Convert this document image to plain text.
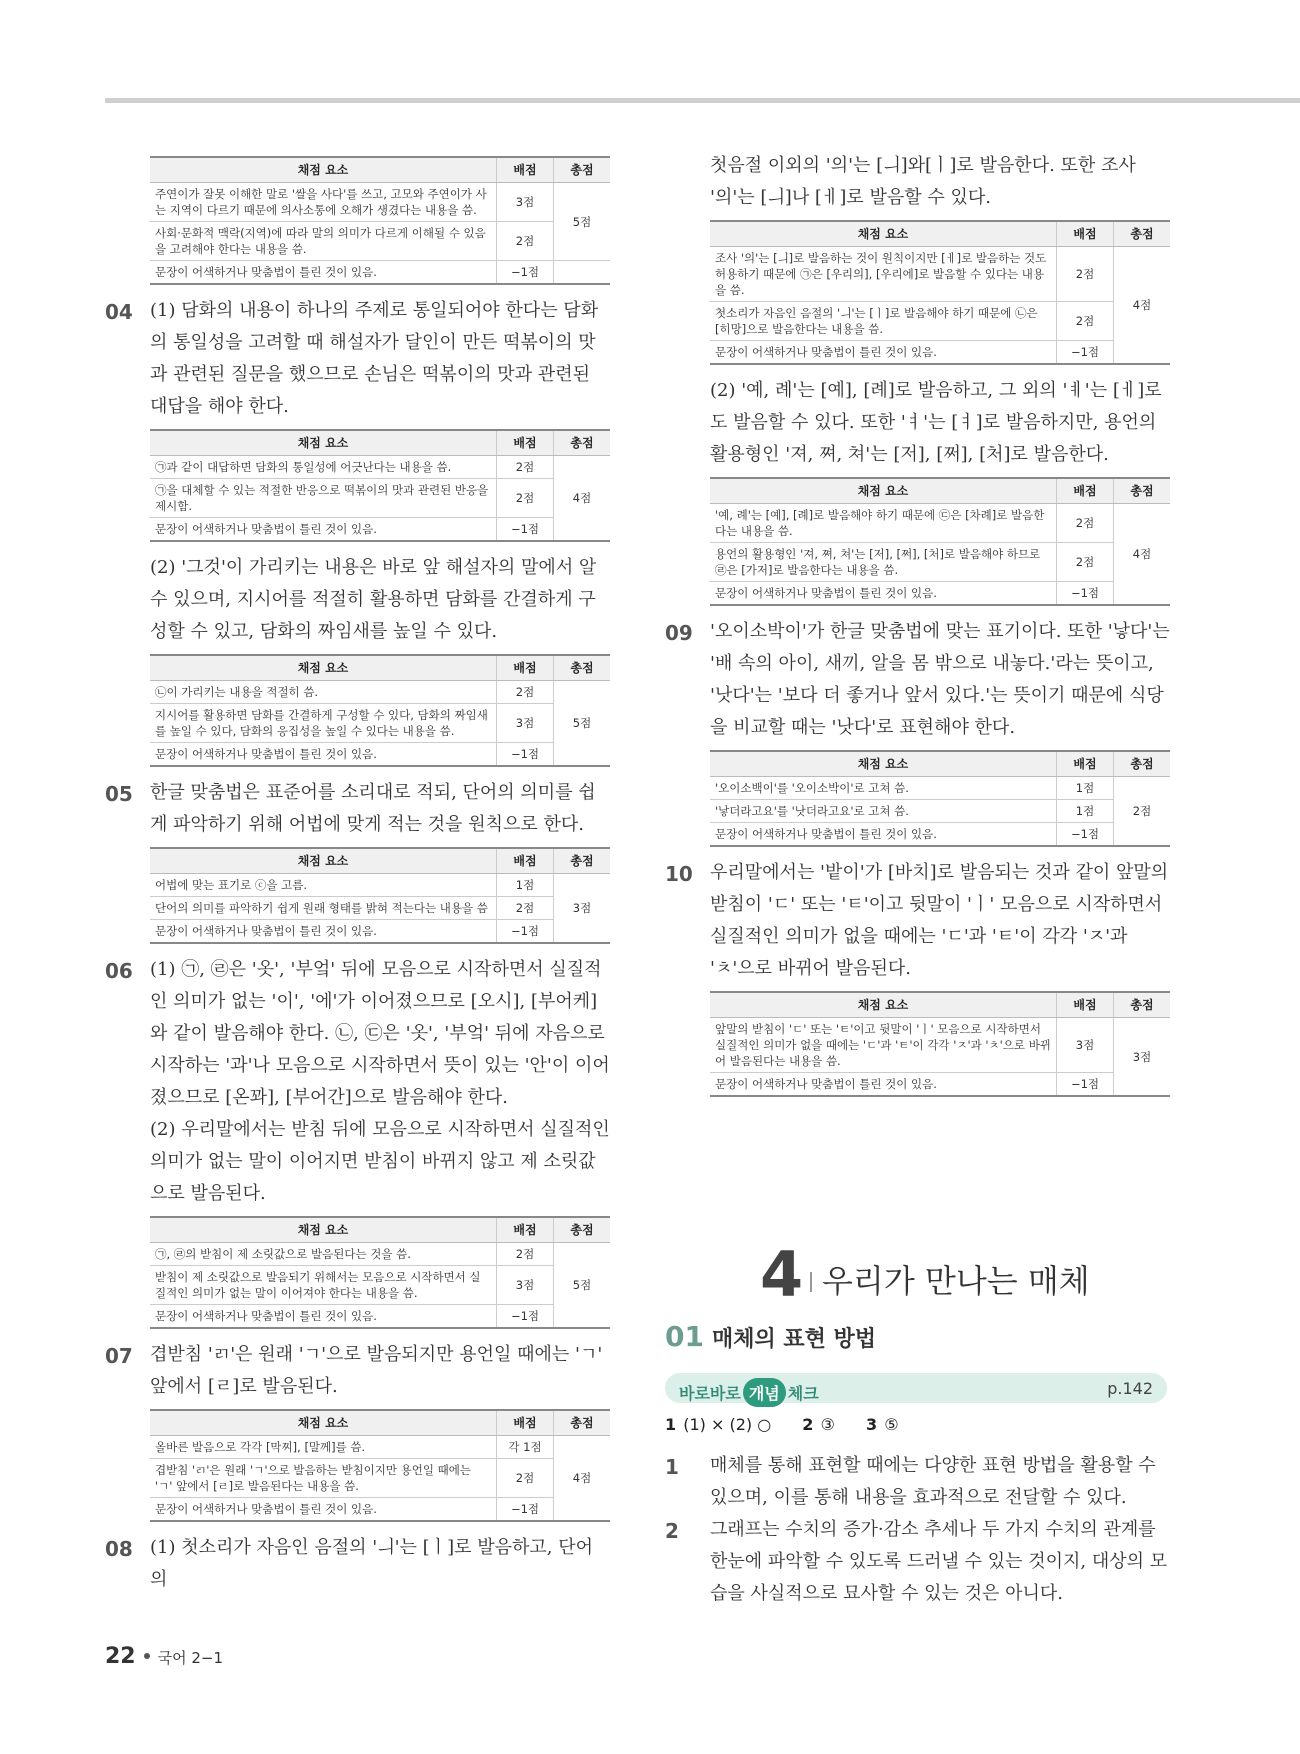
채점 요소	배점	총점
주연이가 잘못 이해한 말로 '쌀을 사다'를 쓰고, 고모와 주연이가 사는 지역이 다르기 때문에 의사소통에 오해가 생겼다는 내용을 씀.	3점	5점
사회·문화적 맥락(지역)에 따라 말의 의미가 다르게 이해될 수 있음을 고려해야 한다는 내용을 씀.	2점	
문장이 어색하거나 맞춤법이 틀린 것이 있음.	−1점	
04 (1) 담화의 내용이 하나의 주제로 통일되어야 한다는 담화의 통일성을 고려할 때 해설자가 달인이 만든 떡볶이의 맛과 관련된 질문을 했으므로 손님은 떡볶이의 맛과 관련된 대답을 해야 한다.

채점 요소	배점	총점
㉠과 같이 대답하면 담화의 통일성에 어긋난다는 내용을 씀.	2점	4점
㉠을 대체할 수 있는 적절한 반응으로 떡볶이의 맛과 관련된 반응을 제시함.	2점	
문장이 어색하거나 맞춤법이 틀린 것이 있음.	−1점	

(2) '그것'이 가리키는 내용은 바로 앞 해설자의 말에서 알 수 있으며, 지시어를 적절히 활용하면 담화를 간결하게 구성할 수 있고, 담화의 짜임새를 높일 수 있다.

채점 요소	배점	총점
㉡이 가리키는 내용을 적절히 씀.	2점	5점
지시어를 활용하면 담화를 간결하게 구성할 수 있다, 담화의 짜임새를 높일 수 있다, 담화의 응집성을 높일 수 있다는 내용을 씀.	3점	
문장이 어색하거나 맞춤법이 틀린 것이 있음.	−1점	
05 한글 맞춤법은 표준어를 소리대로 적되, 단어의 의미를 쉽게 파악하기 위해 어법에 맞게 적는 것을 원칙으로 한다.

채점 요소	배점	총점
어법에 맞는 표기로 ⓒ을 고름.	1점	3점
단어의 의미를 파악하기 쉽게 원래 형태를 밝혀 적는다는 내용을 씀	2점	
문장이 어색하거나 맞춤법이 틀린 것이 있음.	−1점	
06 (1) ㉠, ㉣은 '옷', '부엌' 뒤에 모음으로 시작하면서 실질적인 의미가 없는 '이', '에'가 이어졌으므로 [오시], [부어케]와 같이 발음해야 한다. ㉡, ㉢은 '옷', '부엌' 뒤에 자음으로 시작하는 '과'나 모음으로 시작하면서 뜻이 있는 '안'이 이어졌으므로 [온꽈], [부어간]으로 발음해야 한다.

(2) 우리말에서는 받침 뒤에 모음으로 시작하면서 실질적인 의미가 없는 말이 이어지면 받침이 바뀌지 않고 제 소릿값으로 발음된다.

채점 요소	배점	총점
㉠, ㉣의 받침이 제 소릿값으로 발음된다는 것을 씀.	2점	5점
받침이 제 소릿값으로 발음되기 위해서는 모음으로 시작하면서 실질적인 의미가 없는 말이 이어져야 한다는 내용을 씀.	3점	
문장이 어색하거나 맞춤법이 틀린 것이 있음.	−1점	
07 겹받침 'ㄺ'은 원래 'ㄱ'으로 발음되지만 용언일 때에는 'ㄱ' 앞에서 [ㄹ]로 발음된다.

채점 요소	배점	총점
올바른 발음으로 각각 [막찌], [말께]를 씀.	각 1점	4점
겹받침 'ㄺ'은 원래 'ㄱ'으로 발음하는 받침이지만 용언일 때에는 'ㄱ' 앞에서 [ㄹ]로 발음된다는 내용을 씀.	2점	
문장이 어색하거나 맞춤법이 틀린 것이 있음.	−1점	
08 (1) 첫소리가 자음인 음절의 'ㅢ'는 [ㅣ]로 발음하고, 단어의

첫음절 이외의 '의'는 [ㅢ]와[ㅣ]로 발음한다. 또한 조사 '의'는 [ㅢ]나 [ㅔ]로 발음할 수 있다.

채점 요소	배점	총점
조사 '의'는 [ㅢ]로 발음하는 것이 원칙이지만 [ㅔ]로 발음하는 것도 허용하기 때문에 ㉠은 [우리의], [우리에]로 발음할 수 있다는 내용을 씀.	2점	4점
첫소리가 자음인 음절의 'ㅢ'는 [ㅣ]로 발음해야 하기 때문에 ㉡은 [히망]으로 발음한다는 내용을 씀.	2점	
문장이 어색하거나 맞춤법이 틀린 것이 있음.	−1점	

(2) '예, 례'는 [예], [례]로 발음하고, 그 외의 'ㅖ'는 [ㅔ]로도 발음할 수 있다. 또한 'ㅕ'는 [ㅕ]로 발음하지만, 용언의 활용형인 '져, 쪄, 쳐'는 [저], [쩌], [처]로 발음한다.

채점 요소	배점	총점
'예, 례'는 [예], [례]로 발음해야 하기 때문에 ㉢은 [차례]로 발음한다는 내용을 씀.	2점	4점
용언의 활용형인 '져, 쪄, 쳐'는 [저], [쩌], [처]로 발음해야 하므로 ㉣은 [가저]로 발음한다는 내용을 씀.	2점	
문장이 어색하거나 맞춤법이 틀린 것이 있음.	−1점	
09 '오이소박이'가 한글 맞춤법에 맞는 표기이다. 또한 '낳다'는 '배 속의 아이, 새끼, 알을 몸 밖으로 내놓다.'라는 뜻이고, '낫다'는 '보다 더 좋거나 앞서 있다.'는 뜻이기 때문에 식당을 비교할 때는 '낫다'로 표현해야 한다.

채점 요소	배점	총점
'오이소백이'를 '오이소박이'로 고쳐 씀.	1점	2점
'낳더라고요'를 '낫더라고요'로 고쳐 씀.	1점	
문장이 어색하거나 맞춤법이 틀린 것이 있음.	−1점	
10 우리말에서는 '밭이'가 [바치]로 발음되는 것과 같이 앞말의 받침이 'ㄷ' 또는 'ㅌ'이고 뒷말이 'ㅣ' 모음으로 시작하면서 실질적인 의미가 없을 때에는 'ㄷ'과 'ㅌ'이 각각 'ㅈ'과 'ㅊ'으로 바뀌어 발음된다.

채점 요소	배점	총점
앞말의 받침이 'ㄷ' 또는 'ㅌ'이고 뒷말이 'ㅣ' 모음으로 시작하면서 실질적인 의미가 없을 때에는 'ㄷ'과 'ㅌ'이 각각 'ㅈ'과 'ㅊ'으로 바뀌어 발음된다는 내용을 씀.	3점	3점
문장이 어색하거나 맞춤법이 틀린 것이 있음.	−1점	
4 우리가 만나는 매체
01 매체의 표현 방법
바로바로 개념 체크	p.142
1 (1) × (2) ○ 2 ③ 3 ⑤
1 매체를 통해 표현할 때에는 다양한 표현 방법을 활용할 수 있으며, 이를 통해 내용을 효과적으로 전달할 수 있다.

2 그래프는 수치의 증가·감소 추세나 두 가지 수치의 관계를 한눈에 파악할 수 있도록 드러낼 수 있는 것이지, 대상의 모습을 사실적으로 묘사할 수 있는 것은 아니다.

22 국어 2−1
